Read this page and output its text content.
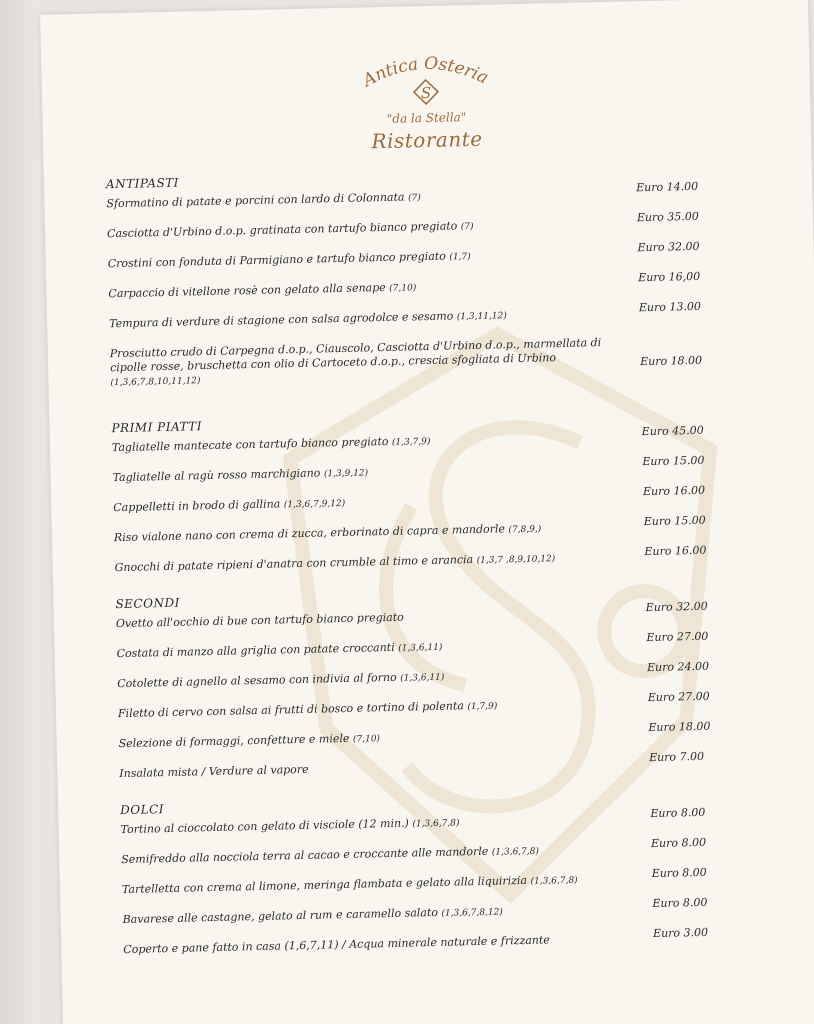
Antica Osteria
S
"da la Stella"
Ristorante
ANTIPASTI
Sformatino di patate e porcini con lardo di Colonnata (7)
Euro 14.00
Casciotta d'Urbino d.o.p. gratinata con tartufo bianco pregiato (7)
Euro 35.00
Crostini con fonduta di Parmigiano e tartufo bianco pregiato (1,7)
Euro 32.00
Carpaccio di vitellone rosè con gelato alla senape (7,10)
Euro 16,00
Tempura di verdure di stagione con salsa agrodolce e sesamo (1,3,11,12)
Euro 13.00
Prosciutto crudo di Carpegna d.o.p., Ciauscolo, Casciotta d'Urbino d.o.p., marmellata di cipolle rosse, bruschetta con olio di Cartoceto d.o.p., crescia sfogliata di Urbino (1,3,6,7,8,10,11,12)
Euro 18.00
PRIMI PIATTI
Tagliatelle mantecate con tartufo bianco pregiato (1,3,7,9)
Euro 45.00
Tagliatelle al ragù rosso marchigiano (1,3,9,12)
Euro 15.00
Cappelletti in brodo di gallina (1,3,6,7,9,12)
Euro 16.00
Riso vialone nano con crema di zucca, erborinato di capra e mandorle (7,8,9,)
Euro 15.00
Gnocchi di patate ripieni d'anatra con crumble al timo e arancia (1,3,7 ,8,9,10,12)
Euro 16.00
SECONDI
Ovetto all'occhio di bue con tartufo bianco pregiato
Euro 32.00
Costata di manzo alla griglia con patate croccanti (1,3,6,11)
Euro 27.00
Cotolette di agnello al sesamo con indivia al forno (1,3,6,11)
Euro 24.00
Filetto di cervo con salsa ai frutti di bosco e tortino di polenta (1,7,9)
Euro 27.00
Selezione di formaggi, confetture e miele (7,10)
Euro 18.00
Insalata mista / Verdure al vapore
Euro 7.00
DOLCI
Tortino al cioccolato con gelato di visciole (12 min.) (1,3,6,7,8)
Euro 8.00
Semifreddo alla nocciola terra al cacao e croccante alle mandorle (1,3,6,7,8)
Euro 8.00
Tartelletta con crema al limone, meringa flambata e gelato alla liquirizia (1,3,6,7,8)
Euro 8.00
Bavarese alle castagne, gelato al rum e caramello salato (1,3,6,7,8,12)
Euro 8.00
Coperto e pane fatto in casa (1,6,7,11) / Acqua minerale naturale e frizzante
Euro 3.00
